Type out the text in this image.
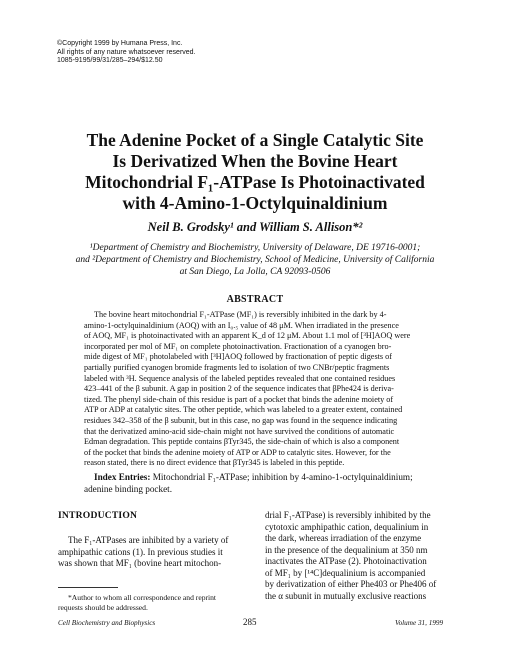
©Copyright 1999 by Humana Press, Inc.
All rights of any nature whatsoever reserved.
1085-9195/99/31/285–294/$12.50
The Adenine Pocket of a Single Catalytic Site
Is Derivatized When the Bovine Heart
Mitochondrial F₁-ATPase Is Photoinactivated
with 4-Amino-1-Octylquinaldinium
Neil B. Grodsky¹ and William S. Allison*²
¹Department of Chemistry and Biochemistry, University of Delaware, DE 19716-0001;
and ²Department of Chemistry and Biochemistry, School of Medicine, University of California
at San Diego, La Jolla, CA 92093-0506
ABSTRACT
The bovine heart mitochondrial F₁-ATPase (MF₁) is reversibly inhibited in the dark by 4-
amino-1-octylquinaldinium (AOQ) with an I₀.₅ value of 48 μM. When irradiated in the presence
of AOQ, MF₁ is photoinactivated with an apparent K_d of 12 μM. About 1.1 mol of [³H]AOQ were
incorporated per mol of MF₁ on complete photoinactivation. Fractionation of a cyanogen bro-
mide digest of MF₁ photolabeled with [³H]AOQ followed by fractionation of peptic digests of
partially purified cyanogen bromide fragments led to isolation of two CNBr/peptic fragments
labeled with ³H. Sequence analysis of the labeled peptides revealed that one contained residues
423–441 of the β subunit. A gap in position 2 of the sequence indicates that βPhe424 is deriva-
tized. The phenyl side-chain of this residue is part of a pocket that binds the adenine moiety of
ATP or ADP at catalytic sites. The other peptide, which was labeled to a greater extent, contained
residues 342–358 of the β subunit, but in this case, no gap was found in the sequence indicating
that the derivatized amino-acid side-chain might not have survived the conditions of automatic
Edman degradation. This peptide contains βTyr345, the side-chain of which is also a component
of the pocket that binds the adenine moiety of ATP or ADP to catalytic sites. However, for the
reason stated, there is no direct evidence that βTyr345 is labeled in this peptide.
Index Entries: Mitochondrial F₁-ATPase; inhibition by 4-amino-1-octylquinaldinium;
adenine binding pocket.
INTRODUCTION
The F₁-ATPases are inhibited by a variety of
amphipathic cations (1). In previous studies it
was shown that MF₁ (bovine heart mitochon-
drial F₁-ATPase) is reversibly inhibited by the
cytotoxic amphipathic cation, dequalinium in
the dark, whereas irradiation of the enzyme
in the presence of the dequalinium at 350 nm
inactivates the ATPase (2). Photoinactivation
of MF₁ by [¹⁴C]dequalinium is accompanied
by derivatization of either Phe403 or Phe406 of
the α subunit in mutually exclusive reactions
*Author to whom all correspondence and reprint
requests should be addressed.
Cell Biochemistry and Biophysics	285	Volume 31, 1999
